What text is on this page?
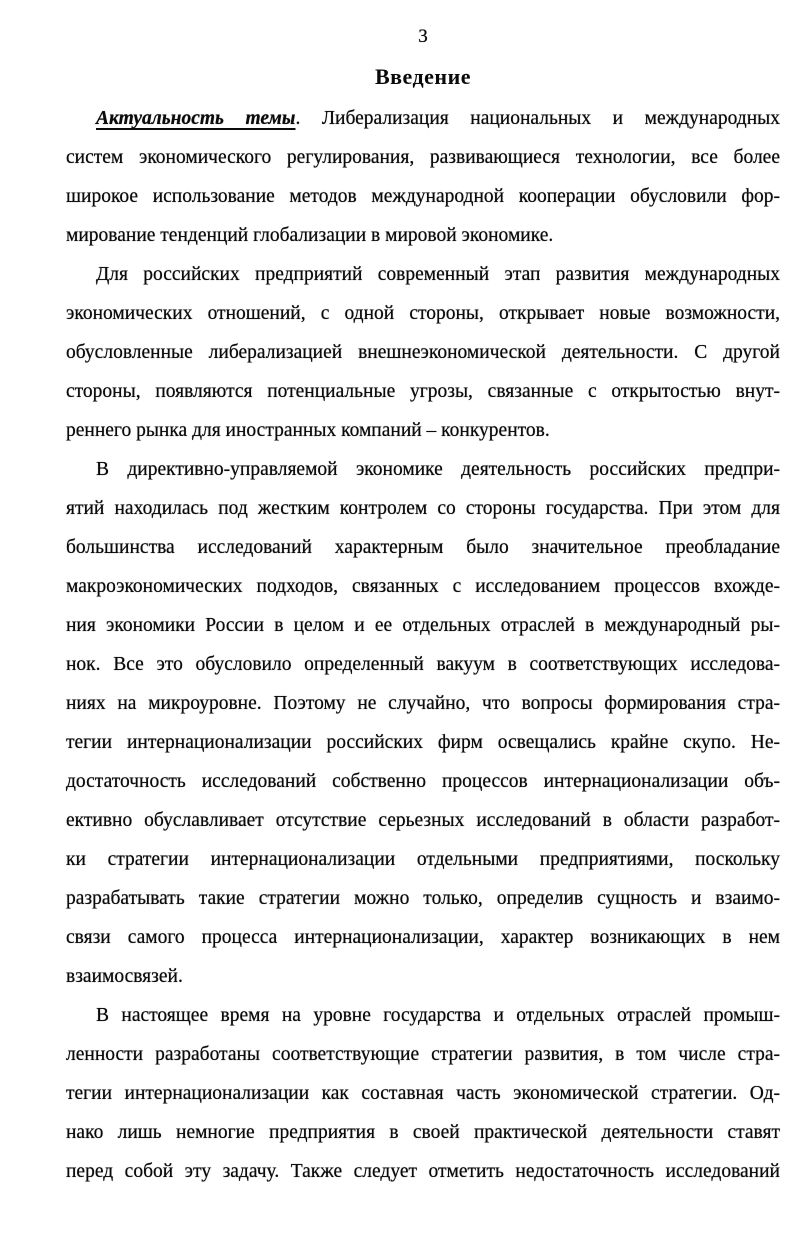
3
Введение
Актуальность темы. Либерализация национальных и международных
систем экономического регулирования, развивающиеся технологии, все более
широкое использование методов международной кооперации обусловили фор-
мирование тенденций глобализации в мировой экономике.
Для российских предприятий современный этап развития международных
экономических отношений, с одной стороны, открывает новые возможности,
обусловленные либерализацией внешнеэкономической деятельности. С другой
стороны, появляются потенциальные угрозы, связанные с открытостью внут-
реннего рынка для иностранных компаний – конкурентов.
В директивно-управляемой экономике деятельность российских предпри-
ятий находилась под жестким контролем со стороны государства. При этом для
большинства исследований характерным было значительное преобладание
макроэкономических подходов, связанных с исследованием процессов вхожде-
ния экономики России в целом и ее отдельных отраслей в международный ры-
нок. Все это обусловило определенный вакуум в соответствующих исследова-
ниях на микроуровне. Поэтому не случайно, что вопросы формирования стра-
тегии интернационализации российских фирм освещались крайне скупо. Не-
достаточность исследований собственно процессов интернационализации объ-
ективно обуславливает отсутствие серьезных исследований в области разработ-
ки стратегии интернационализации отдельными предприятиями, поскольку
разрабатывать такие стратегии можно только, определив сущность и взаимо-
связи самого процесса интернационализации, характер возникающих в нем
взаимосвязей.
В настоящее время на уровне государства и отдельных отраслей промыш-
ленности разработаны соответствующие стратегии развития, в том числе стра-
тегии интернационализации как составная часть экономической стратегии. Од-
нако лишь немногие предприятия в своей практической деятельности ставят
перед собой эту задачу. Также следует отметить недостаточность исследований
